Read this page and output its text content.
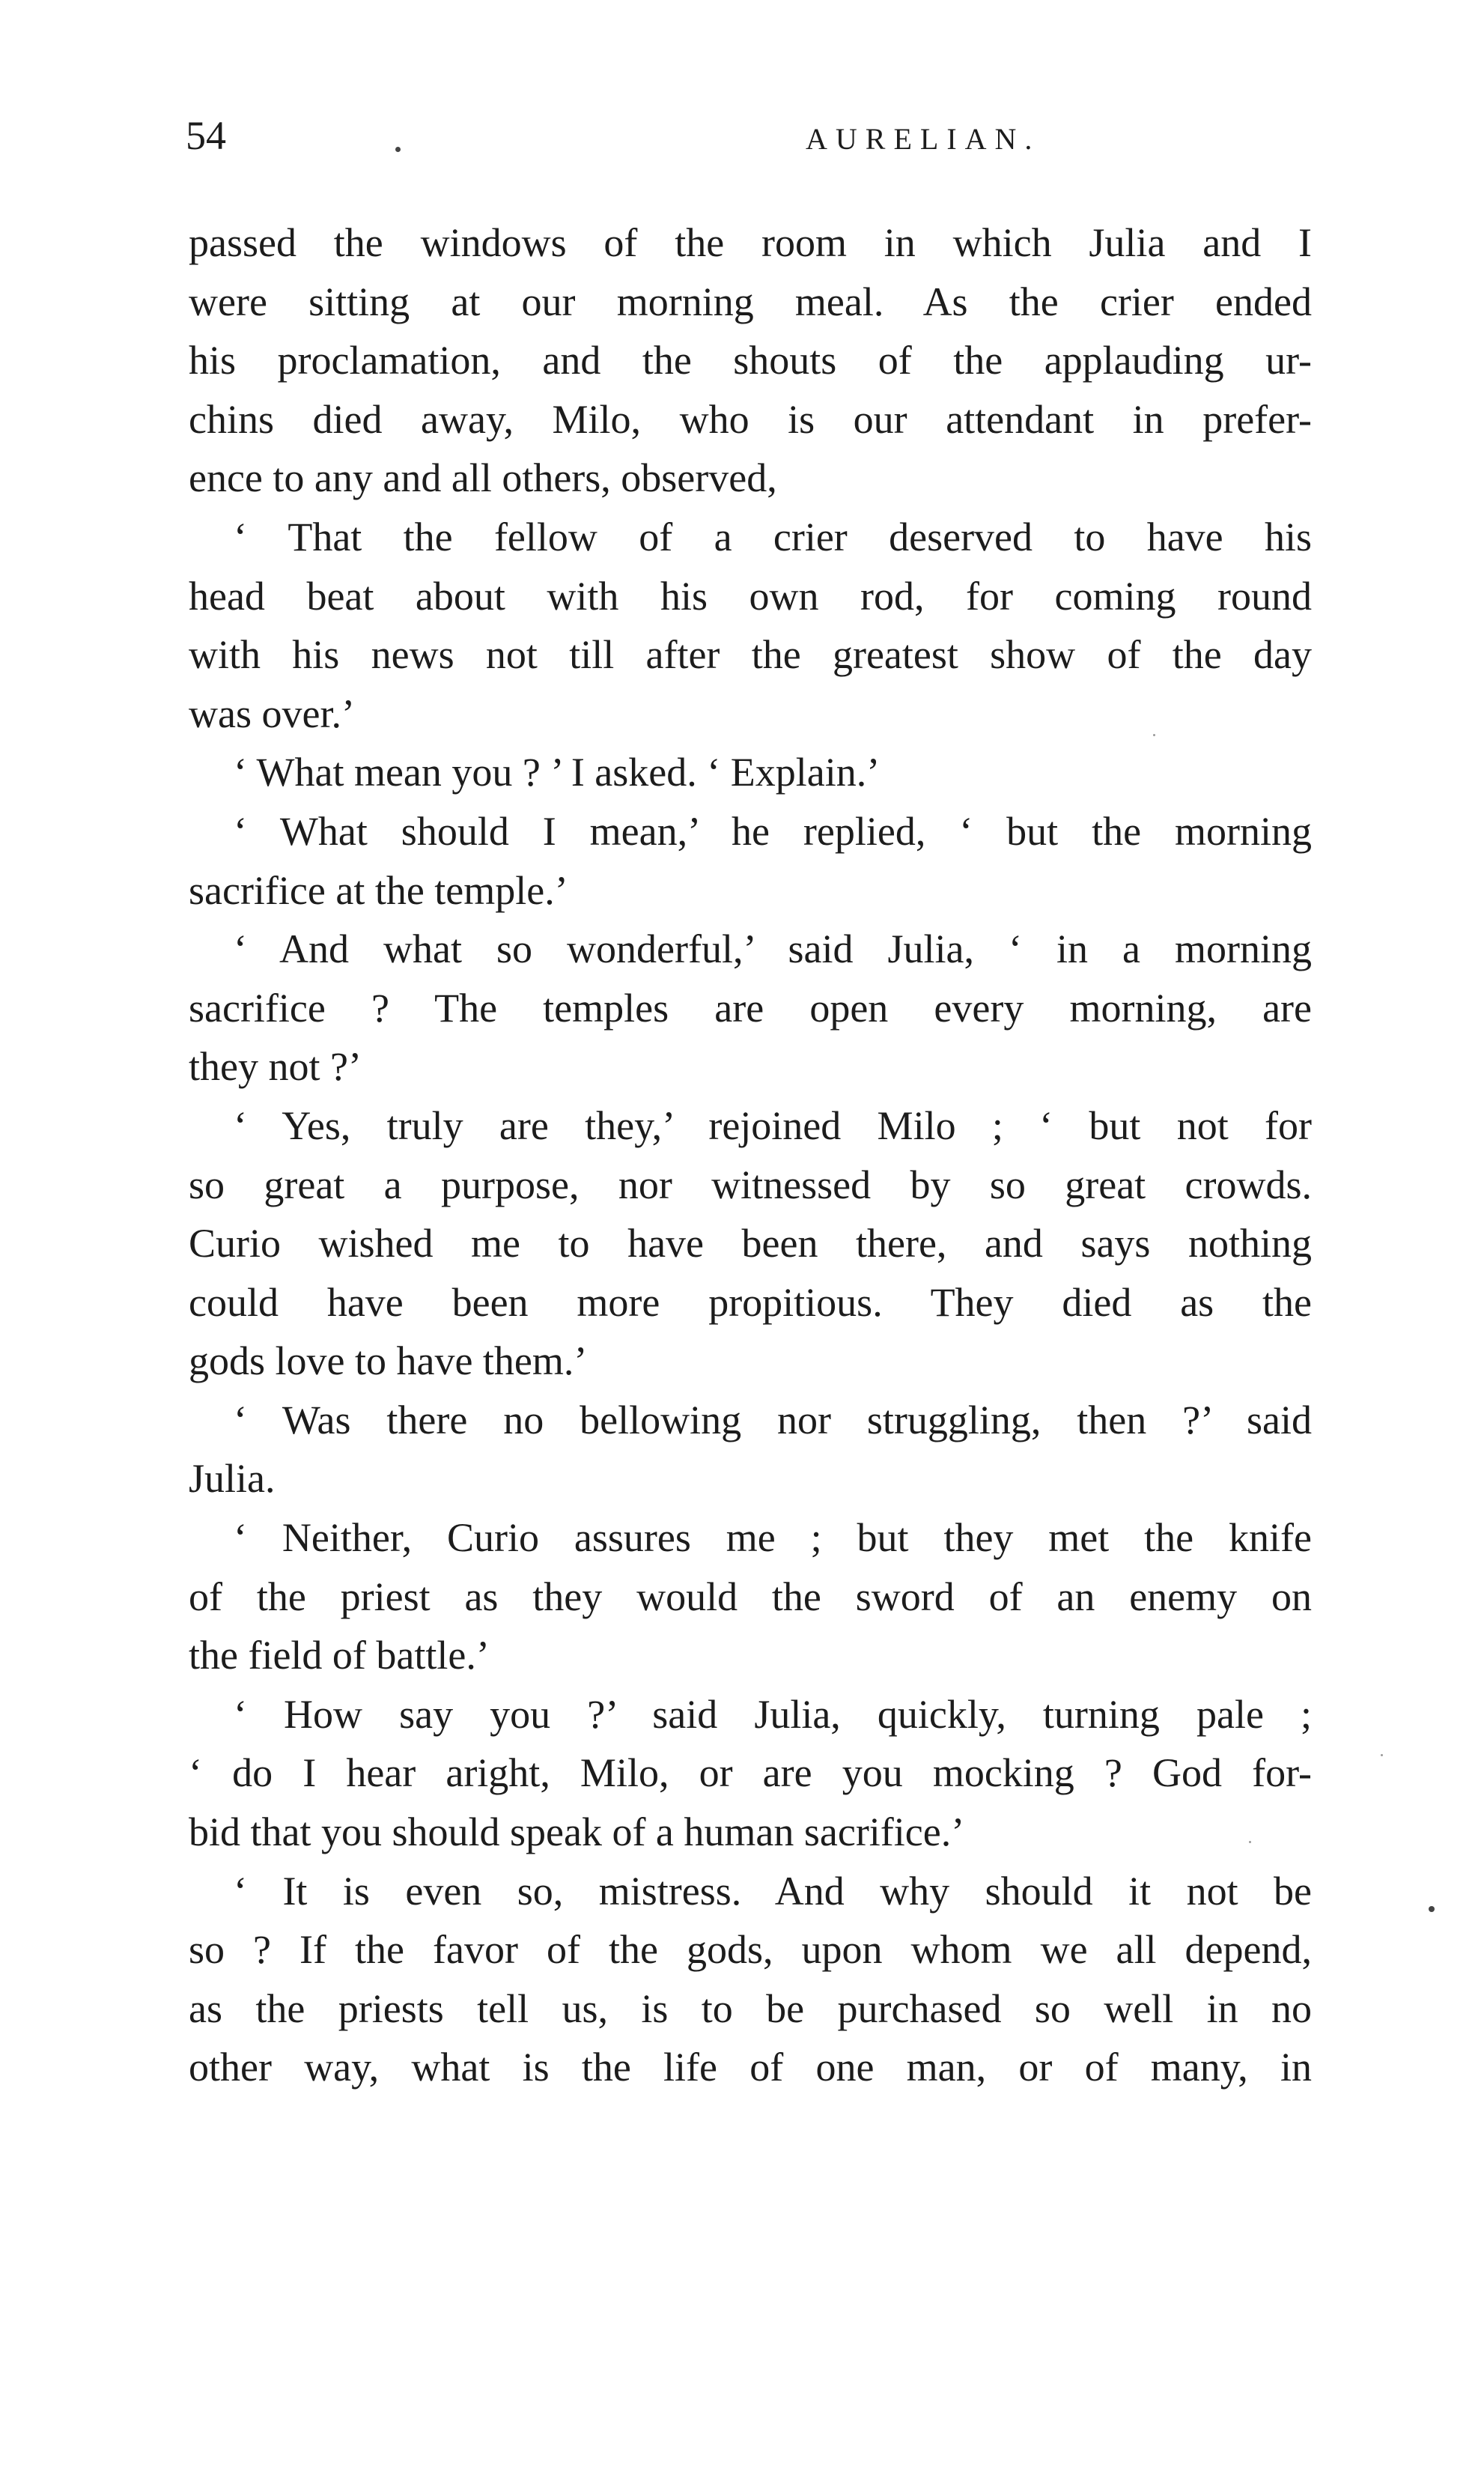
54	AURELIAN.
passed the windows of the room in which Julia and I
were sitting at our morning meal. As the crier ended
his proclamation, and the shouts of the applauding ur-
chins died away, Milo, who is our attendant in prefer-
ence to any and all others, observed,
‘ That the fellow of a crier deserved to have his
head beat about with his own rod, for coming round
with his news not till after the greatest show of the day
was over.’
‘ What mean you ? ’ I asked. ‘ Explain.’
‘ What should I mean,’ he replied, ‘ but the morning
sacrifice at the temple.’
‘ And what so wonderful,’ said Julia, ‘ in a morning
sacrifice ? The temples are open every morning, are
they not ?’
‘ Yes, truly are they,’ rejoined Milo ; ‘ but not for
so great a purpose, nor witnessed by so great crowds.
Curio wished me to have been there, and says nothing
could have been more propitious. They died as the
gods love to have them.’
‘ Was there no bellowing nor struggling, then ?’ said
Julia.
‘ Neither, Curio assures me ; but they met the knife
of the priest as they would the sword of an enemy on
the field of battle.’
‘ How say you ?’ said Julia, quickly, turning pale ;
‘ do I hear aright, Milo, or are you mocking ? God for-
bid that you should speak of a human sacrifice.’
‘ It is even so, mistress. And why should it not be
so ? If the favor of the gods, upon whom we all depend,
as the priests tell us, is to be purchased so well in no
other way, what is the life of one man, or of many, in
